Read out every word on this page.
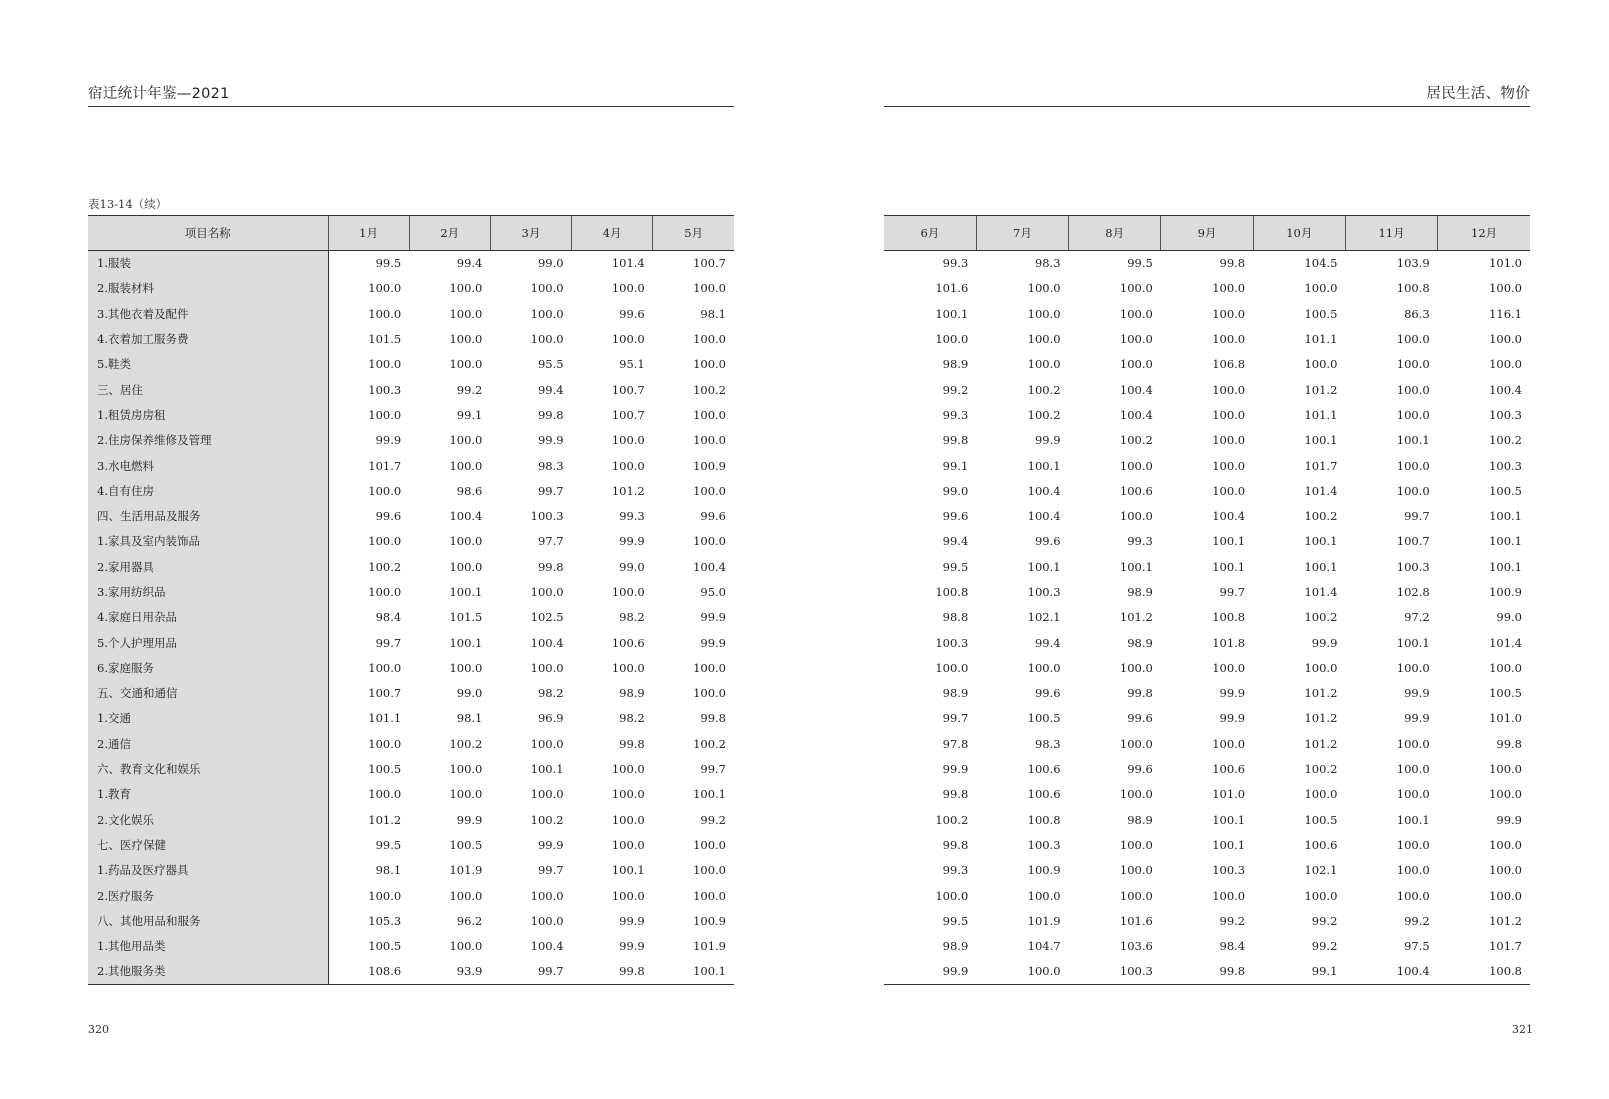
宿迁统计年鉴—2021
表13-14（续）
项目名称	1月	2月	3月	4月	5月
1.服装	99.5	99.4	99.0	101.4	100.7
2.服装材料	100.0	100.0	100.0	100.0	100.0
3.其他衣着及配件	100.0	100.0	100.0	99.6	98.1
4.衣着加工服务费	101.5	100.0	100.0	100.0	100.0
5.鞋类	100.0	100.0	95.5	95.1	100.0
三、居住	100.3	99.2	99.4	100.7	100.2
1.租赁房房租	100.0	99.1	99.8	100.7	100.0
2.住房保养维修及管理	99.9	100.0	99.9	100.0	100.0
3.水电燃料	101.7	100.0	98.3	100.0	100.9
4.自有住房	100.0	98.6	99.7	101.2	100.0
四、生活用品及服务	99.6	100.4	100.3	99.3	99.6
1.家具及室内装饰品	100.0	100.0	97.7	99.9	100.0
2.家用器具	100.2	100.0	99.8	99.0	100.4
3.家用纺织品	100.0	100.1	100.0	100.0	95.0
4.家庭日用杂品	98.4	101.5	102.5	98.2	99.9
5.个人护理用品	99.7	100.1	100.4	100.6	99.9
6.家庭服务	100.0	100.0	100.0	100.0	100.0
五、交通和通信	100.7	99.0	98.2	98.9	100.0
1.交通	101.1	98.1	96.9	98.2	99.8
2.通信	100.0	100.2	100.0	99.8	100.2
六、教育文化和娱乐	100.5	100.0	100.1	100.0	99.7
1.教育	100.0	100.0	100.0	100.0	100.1
2.文化娱乐	101.2	99.9	100.2	100.0	99.2
七、医疗保健	99.5	100.5	99.9	100.0	100.0
1.药品及医疗器具	98.1	101.9	99.7	100.1	100.0
2.医疗服务	100.0	100.0	100.0	100.0	100.0
八、其他用品和服务	105.3	96.2	100.0	99.9	100.9
1.其他用品类	100.5	100.0	100.4	99.9	101.9
2.其他服务类	108.6	93.9	99.7	99.8	100.1
320
居民生活、物价
6月	7月	8月	9月	10月	11月	12月
99.3	98.3	99.5	99.8	104.5	103.9	101.0
101.6	100.0	100.0	100.0	100.0	100.8	100.0
100.1	100.0	100.0	100.0	100.5	86.3	116.1
100.0	100.0	100.0	100.0	101.1	100.0	100.0
98.9	100.0	100.0	106.8	100.0	100.0	100.0
99.2	100.2	100.4	100.0	101.2	100.0	100.4
99.3	100.2	100.4	100.0	101.1	100.0	100.3
99.8	99.9	100.2	100.0	100.1	100.1	100.2
99.1	100.1	100.0	100.0	101.7	100.0	100.3
99.0	100.4	100.6	100.0	101.4	100.0	100.5
99.6	100.4	100.0	100.4	100.2	99.7	100.1
99.4	99.6	99.3	100.1	100.1	100.7	100.1
99.5	100.1	100.1	100.1	100.1	100.3	100.1
100.8	100.3	98.9	99.7	101.4	102.8	100.9
98.8	102.1	101.2	100.8	100.2	97.2	99.0
100.3	99.4	98.9	101.8	99.9	100.1	101.4
100.0	100.0	100.0	100.0	100.0	100.0	100.0
98.9	99.6	99.8	99.9	101.2	99.9	100.5
99.7	100.5	99.6	99.9	101.2	99.9	101.0
97.8	98.3	100.0	100.0	101.2	100.0	99.8
99.9	100.6	99.6	100.6	100.2	100.0	100.0
99.8	100.6	100.0	101.0	100.0	100.0	100.0
100.2	100.8	98.9	100.1	100.5	100.1	99.9
99.8	100.3	100.0	100.1	100.6	100.0	100.0
99.3	100.9	100.0	100.3	102.1	100.0	100.0
100.0	100.0	100.0	100.0	100.0	100.0	100.0
99.5	101.9	101.6	99.2	99.2	99.2	101.2
98.9	104.7	103.6	98.4	99.2	97.5	101.7
99.9	100.0	100.3	99.8	99.1	100.4	100.8
321
